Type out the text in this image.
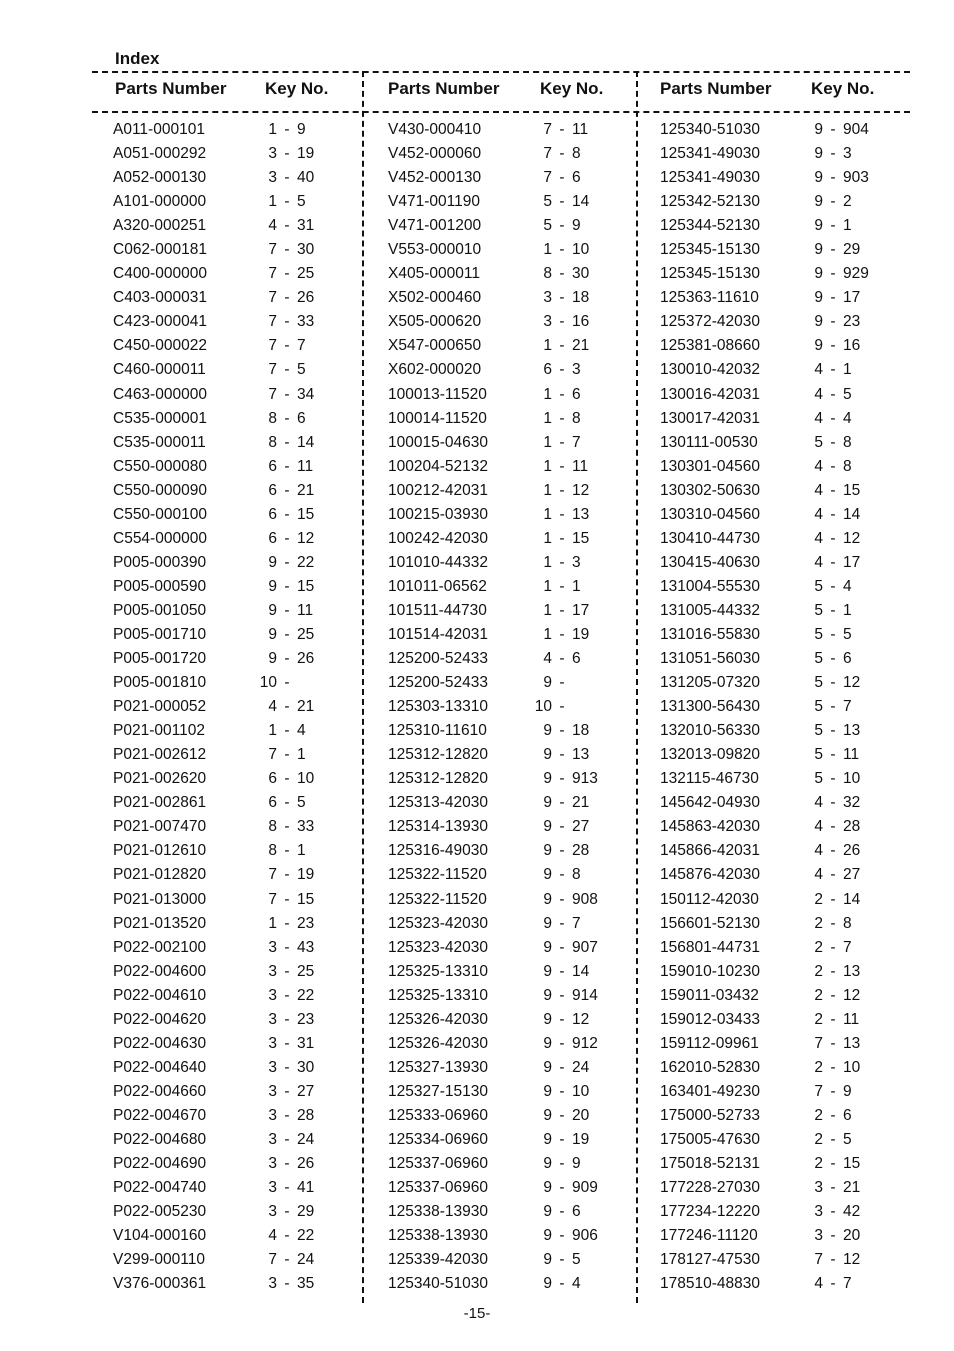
Index
Parts Number Key No.	Parts Number Key No.	Parts Number Key No.
A011-000101	1 - 9
A051-000292	3 - 19
A052-000130	3 - 40
A101-000000	1 - 5
A320-000251	4 - 31
C062-000181	7 - 30
C400-000000	7 - 25
C403-000031	7 - 26
C423-000041	7 - 33
C450-000022	7 - 7
C460-000011	7 - 5
C463-000000	7 - 34
C535-000001	8 - 6
C535-000011	8 - 14
C550-000080	6 - 11
C550-000090	6 - 21
C550-000100	6 - 15
C554-000000	6 - 12
P005-000390	9 - 22
P005-000590	9 - 15
P005-001050	9 - 11
P005-001710	9 - 25
P005-001720	9 - 26
P005-001810	10 -
P021-000052	4 - 21
P021-001102	1 - 4
P021-002612	7 - 1
P021-002620	6 - 10
P021-002861	6 - 5
P021-007470	8 - 33
P021-012610	8 - 1
P021-012820	7 - 19
P021-013000	7 - 15
P021-013520	1 - 23
P022-002100	3 - 43
P022-004600	3 - 25
P022-004610	3 - 22
P022-004620	3 - 23
P022-004630	3 - 31
P022-004640	3 - 30
P022-004660	3 - 27
P022-004670	3 - 28
P022-004680	3 - 24
P022-004690	3 - 26
P022-004740	3 - 41
P022-005230	3 - 29
V104-000160	4 - 22
V299-000110	7 - 24
V376-000361	3 - 35
V430-000410	7 - 11
V452-000060	7 - 8
V452-000130	7 - 6
V471-001190	5 - 14
V471-001200	5 - 9
V553-000010	1 - 10
X405-000011	8 - 30
X502-000460	3 - 18
X505-000620	3 - 16
X547-000650	1 - 21
X602-000020	6 - 3
100013-11520	1 - 6
100014-11520	1 - 8
100015-04630	1 - 7
100204-52132	1 - 11
100212-42031	1 - 12
100215-03930	1 - 13
100242-42030	1 - 15
101010-44332	1 - 3
101011-06562	1 - 1
101511-44730	1 - 17
101514-42031	1 - 19
125200-52433	4 - 6
125200-52433	9 -
125303-13310	10 -
125310-11610	9 - 18
125312-12820	9 - 13
125312-12820	9 - 913
125313-42030	9 - 21
125314-13930	9 - 27
125316-49030	9 - 28
125322-11520	9 - 8
125322-11520	9 - 908
125323-42030	9 - 7
125323-42030	9 - 907
125325-13310	9 - 14
125325-13310	9 - 914
125326-42030	9 - 12
125326-42030	9 - 912
125327-13930	9 - 24
125327-15130	9 - 10
125333-06960	9 - 20
125334-06960	9 - 19
125337-06960	9 - 9
125337-06960	9 - 909
125338-13930	9 - 6
125338-13930	9 - 906
125339-42030	9 - 5
125340-51030	9 - 4
125340-51030	9 - 904
125341-49030	9 - 3
125341-49030	9 - 903
125342-52130	9 - 2
125344-52130	9 - 1
125345-15130	9 - 29
125345-15130	9 - 929
125363-11610	9 - 17
125372-42030	9 - 23
125381-08660	9 - 16
130010-42032	4 - 1
130016-42031	4 - 5
130017-42031	4 - 4
130111-00530	5 - 8
130301-04560	4 - 8
130302-50630	4 - 15
130310-04560	4 - 14
130410-44730	4 - 12
130415-40630	4 - 17
131004-55530	5 - 4
131005-44332	5 - 1
131016-55830	5 - 5
131051-56030	5 - 6
131205-07320	5 - 12
131300-56430	5 - 7
132010-56330	5 - 13
132013-09820	5 - 11
132115-46730	5 - 10
145642-04930	4 - 32
145863-42030	4 - 28
145866-42031	4 - 26
145876-42030	4 - 27
150112-42030	2 - 14
156601-52130	2 - 8
156801-44731	2 - 7
159010-10230	2 - 13
159011-03432	2 - 12
159012-03433	2 - 11
159112-09961	7 - 13
162010-52830	2 - 10
163401-49230	7 - 9
175000-52733	2 - 6
175005-47630	2 - 5
175018-52131	2 - 15
177228-27030	3 - 21
177234-12220	3 - 42
177246-11120	3 - 20
178127-47530	7 - 12
178510-48830	4 - 7
-15-
